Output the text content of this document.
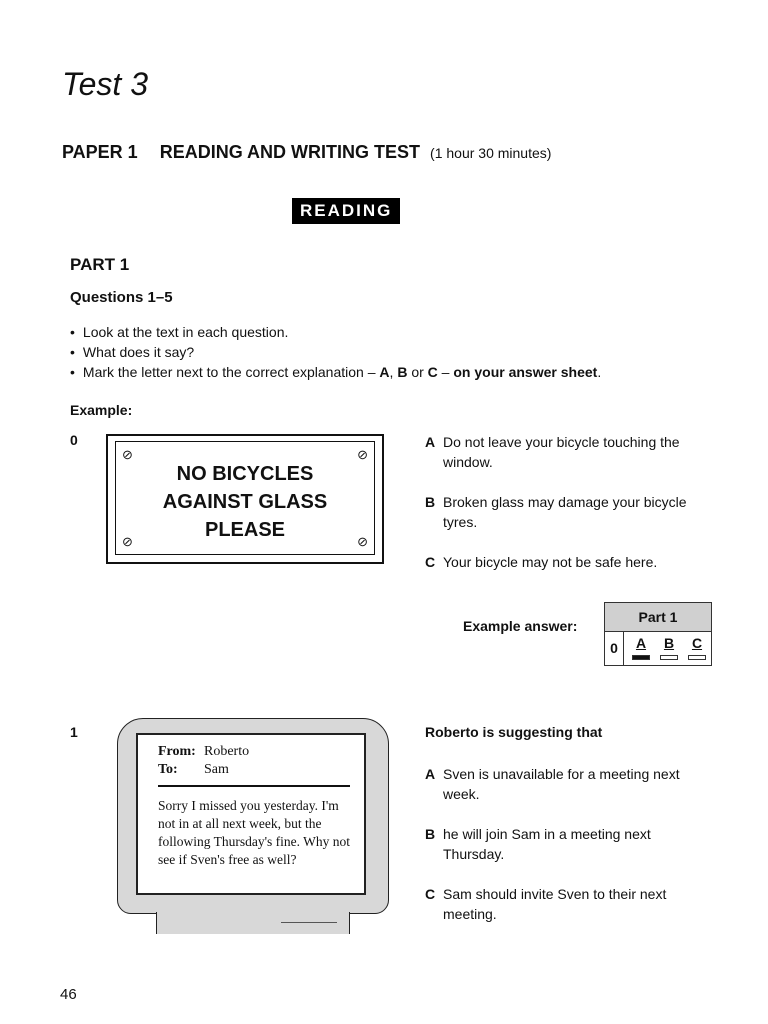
Test 3
PAPER 1 READING AND WRITING TEST (1 hour 30 minutes)
READING
PART 1
Questions 1–5
• Look at the text in each question.
• What does it say?
• Mark the letter next to the correct explanation – A, B or C – on your answer sheet.
Example:
0
⊘	⊘
⊘	⊘
NO BICYCLES
AGAINST GLASS
PLEASE
A Do not leave your bicycle touching the
window.
B Broken glass may damage your bicycle
tyres.
C Your bicycle may not be safe here.
Example answer:
Part 1
0	A B C
1
From: Roberto
To: Sam
Sorry I missed you yesterday. I'm not in at all next week, but the following Thursday's fine. Why not see if Sven's free as well?
Roberto is suggesting that
A Sven is unavailable for a meeting next
week.
B he will join Sam in a meeting next
Thursday.
C Sam should invite Sven to their next
meeting.
46
